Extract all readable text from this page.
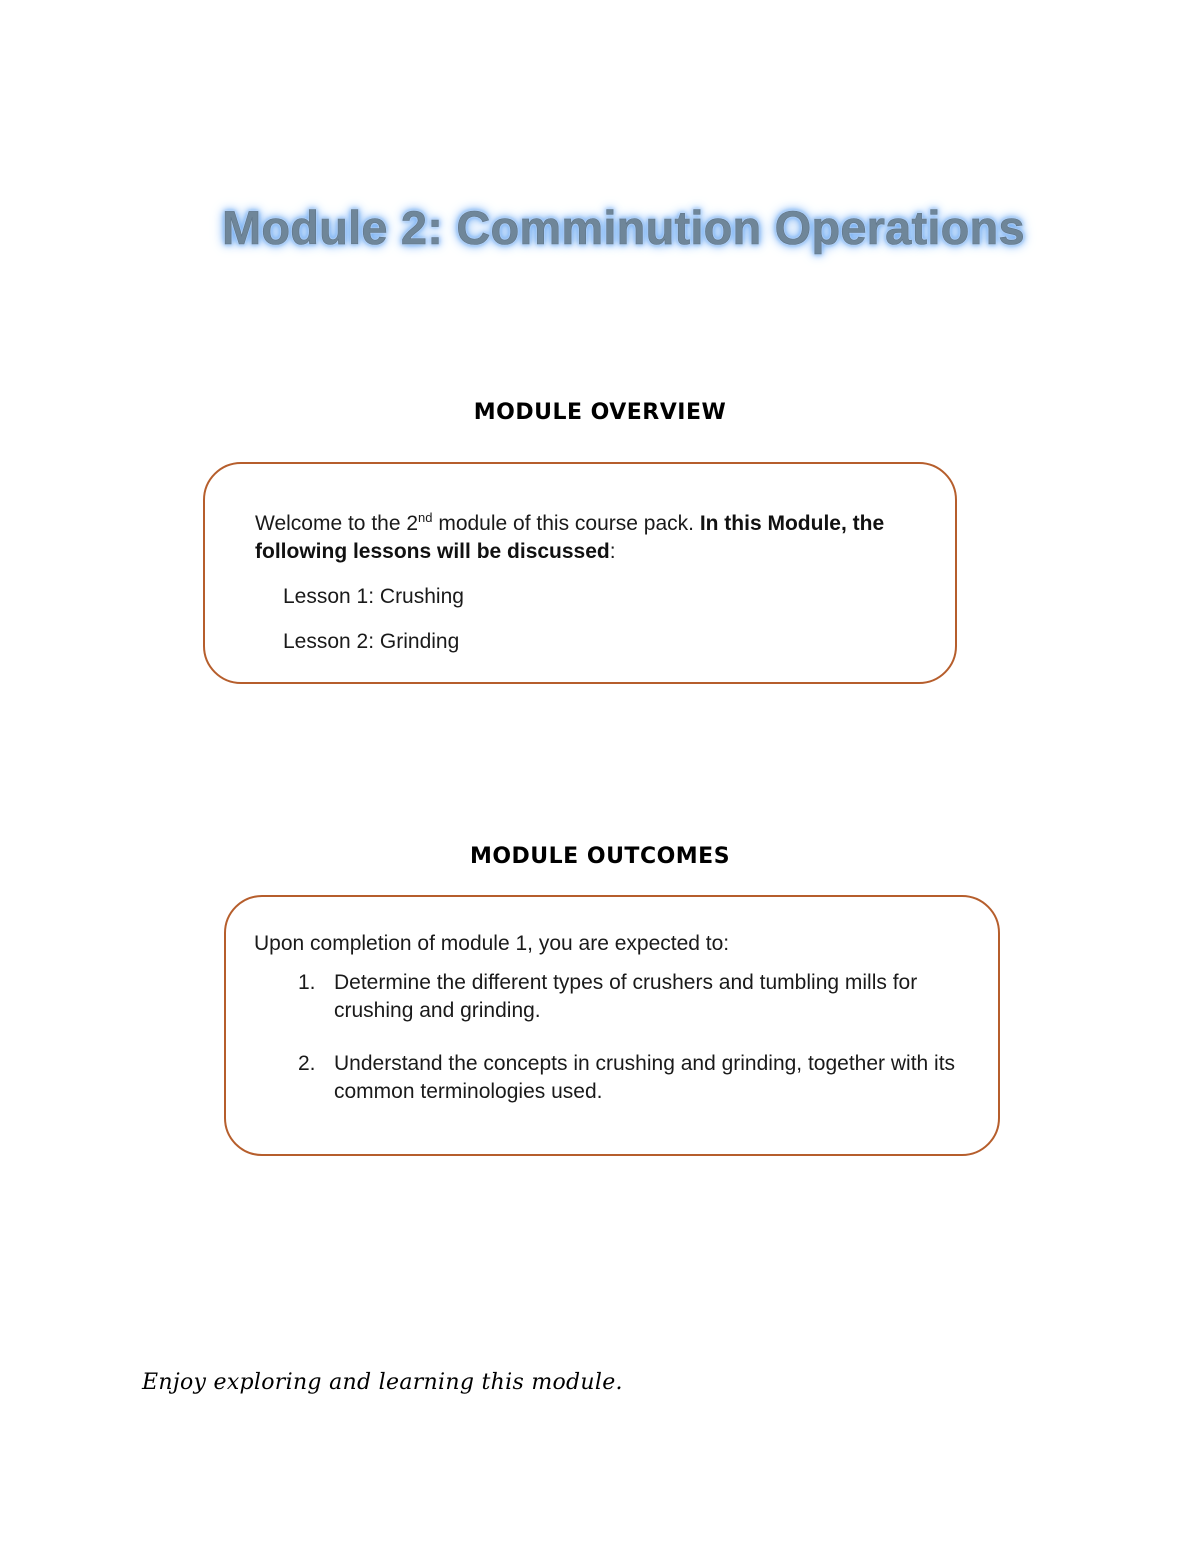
Module 2: Comminution Operations
MODULE OVERVIEW

Welcome to the 2nd module of this course pack. In this Module, the following lessons will be discussed:

Lesson 1: Crushing

Lesson 2: Grinding

MODULE OUTCOMES

Upon completion of module 1, you are expected to:

1. Determine the different types of crushers and tumbling mills for crushing and grinding.
2. Understand the concepts in crushing and grinding, together with its common terminologies used.

Enjoy exploring and learning this module.
